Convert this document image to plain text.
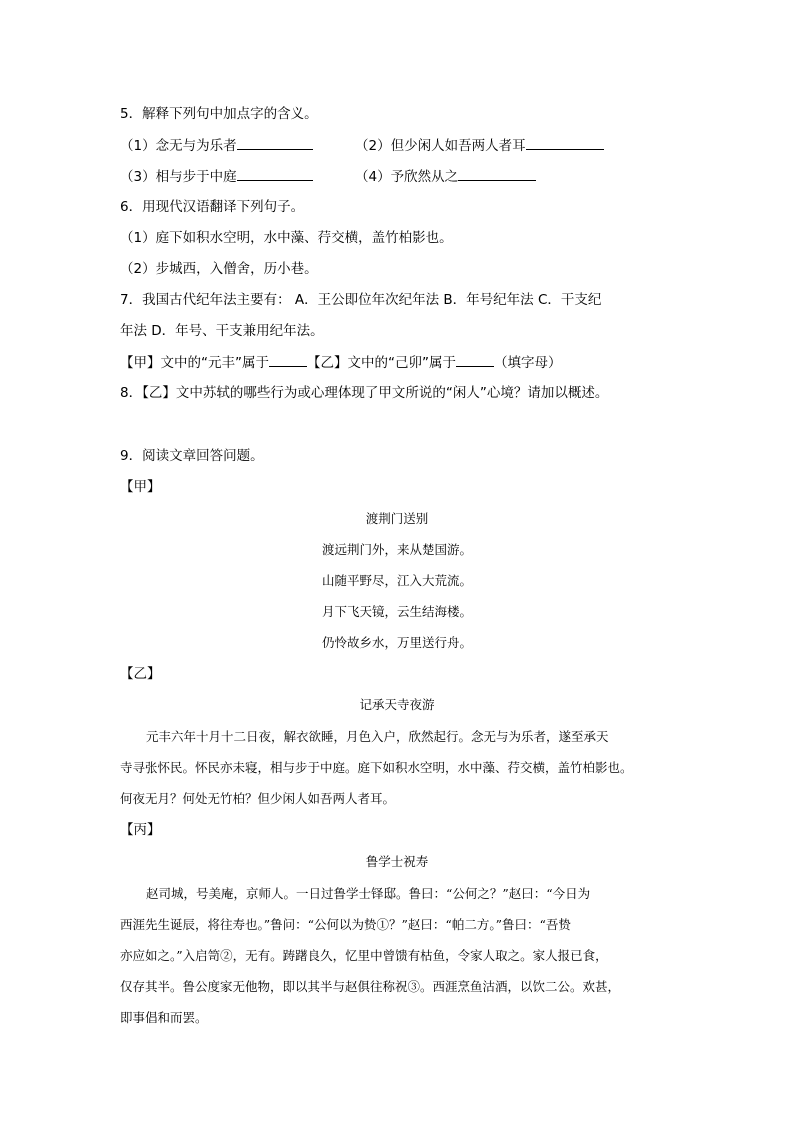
5．解释下列句中加点字的含义。
（1）念无与为乐者	（2）但少闲人如吾两人者耳
（3）相与步于中庭	（4）予欣然从之
6．用现代汉语翻译下列句子。
（1）庭下如积水空明，水中藻、荇交横，盖竹柏影也。
（2）步城西，入僧舍，历小巷。
7．我国古代纪年法主要有： A．王公即位年次纪年法 B．年号纪年法 C．干支纪
年法 D．年号、干支兼用纪年法。
【甲】文中的“元丰”属于	【乙】文中的“己卯”属于	（填字母）
8．【乙】文中苏轼的哪些行为或心理体现了甲文所说的“闲人”心境？请加以概述。
9．阅读文章回答问题。
【甲】
渡荆门送别
渡远荆门外，来从楚国游。
山随平野尽，江入大荒流。
月下飞天镜，云生结海楼。
仍怜故乡水，万里送行舟。
【乙】
记承天寺夜游
元丰六年十月十二日夜，解衣欲睡，月色入户，欣然起行。念无与为乐者，遂至承天
寺寻张怀民。怀民亦未寝，相与步于中庭。庭下如积水空明，水中藻、荇交横，盖竹柏影也。
何夜无月？何处无竹柏？但少闲人如吾两人者耳。
【丙】
鲁学士祝寿
赵司城，号美庵，京师人。一日过鲁学士铎邸。鲁曰：“公何之？”赵曰：“今日为
西涯先生诞辰，将往寿也。”鲁问：“公何以为贽①？”赵曰：“帕二方。”鲁曰：“吾贽
亦应如之。”入启笥②，无有。踌躇良久，忆里中曾馈有枯鱼，令家人取之。家人报已食，
仅存其半。鲁公度家无他物，即以其半与赵俱往称祝③。西涯烹鱼沽酒，以饮二公。欢甚，
即事倡和而罢。
